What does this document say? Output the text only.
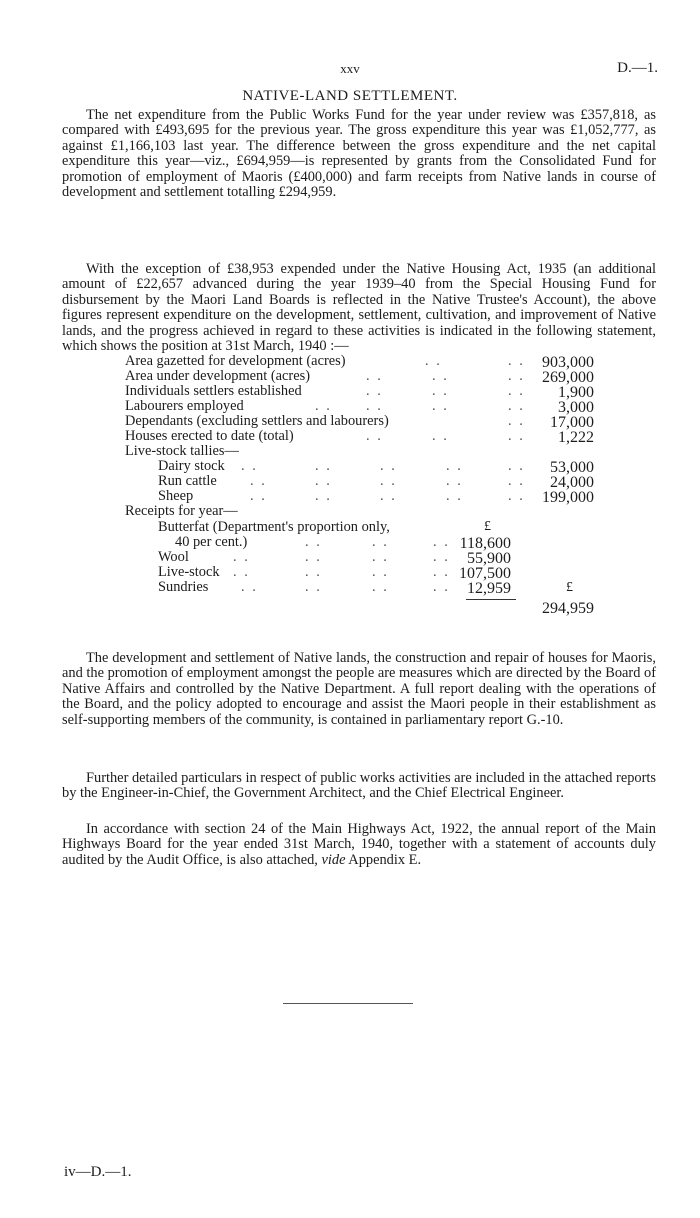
xxv	D.—1.
NATIVE-LAND SETTLEMENT.

The net expenditure from the Public Works Fund for the year under review was £357,818, as compared with £493,695 for the previous year. The gross expenditure this year was £1,052,777, as against £1,166,103 last year. The difference between the gross expenditure and the net capital expenditure this year—viz., £694,959—is represented by grants from the Consolidated Fund for promotion of employment of Maoris (£400,000) and farm receipts from Native lands in course of development and settlement totalling £294,959.

With the exception of £38,953 expended under the Native Housing Act, 1935 (an additional amount of £22,657 advanced during the year 1939–40 from the Special Housing Fund for disbursement by the Maori Land Boards is reflected in the Native Trustee's Account), the above figures represent expenditure on the development, settlement, cultivation, and improvement of Native lands, and the progress achieved in regard to these activities is indicated in the following statement, which shows the position at 31st March, 1940 :—

Area gazetted for development (acres)	. .	. . 903,000
Area under development (acres)	. .	. .	. . 269,000
Individuals settlers established	. .	. .	. . 1,900
Labourers employed	. . . .	. .	. . 3,000
Dependants (excluding settlers and labourers)	. . 17,000
Houses erected to date (total)	. .	. .	. . 1,222
Live-stock tallies—
Dairy stock . .	. .	. .	. .	. . 53,000
Run cattle . .	. .	. .	. .	. . 24,000
Sheep	. .	. .	. .	. .	. . 199,000
Receipts for year—
£
Butterfat (Department's proportion only,
40 per cent.)	. .	. .	. . 118,600
Wool	. .	. .	. .	. . 55,900
Live-stock . .	. .	. .	. . 107,500
Sundries . .	. .	. .	. . 12,959	£
294,959

The development and settlement of Native lands, the construction and repair of houses for Maoris, and the promotion of employment amongst the people are measures which are directed by the Board of Native Affairs and controlled by the Native Department. A full report dealing with the operations of the Board, and the policy adopted to encourage and assist the Maori people in their establishment as self-supporting members of the community, is contained in parliamentary report G.-10.

Further detailed particulars in respect of public works activities are included in the attached reports by the Engineer-in-Chief, the Government Architect, and the Chief Electrical Engineer.

In accordance with section 24 of the Main Highways Act, 1922, the annual report of the Main Highways Board for the year ended 31st March, 1940, together with a statement of accounts duly audited by the Audit Office, is also attached, vide Appendix E.

iv—D.—1.
